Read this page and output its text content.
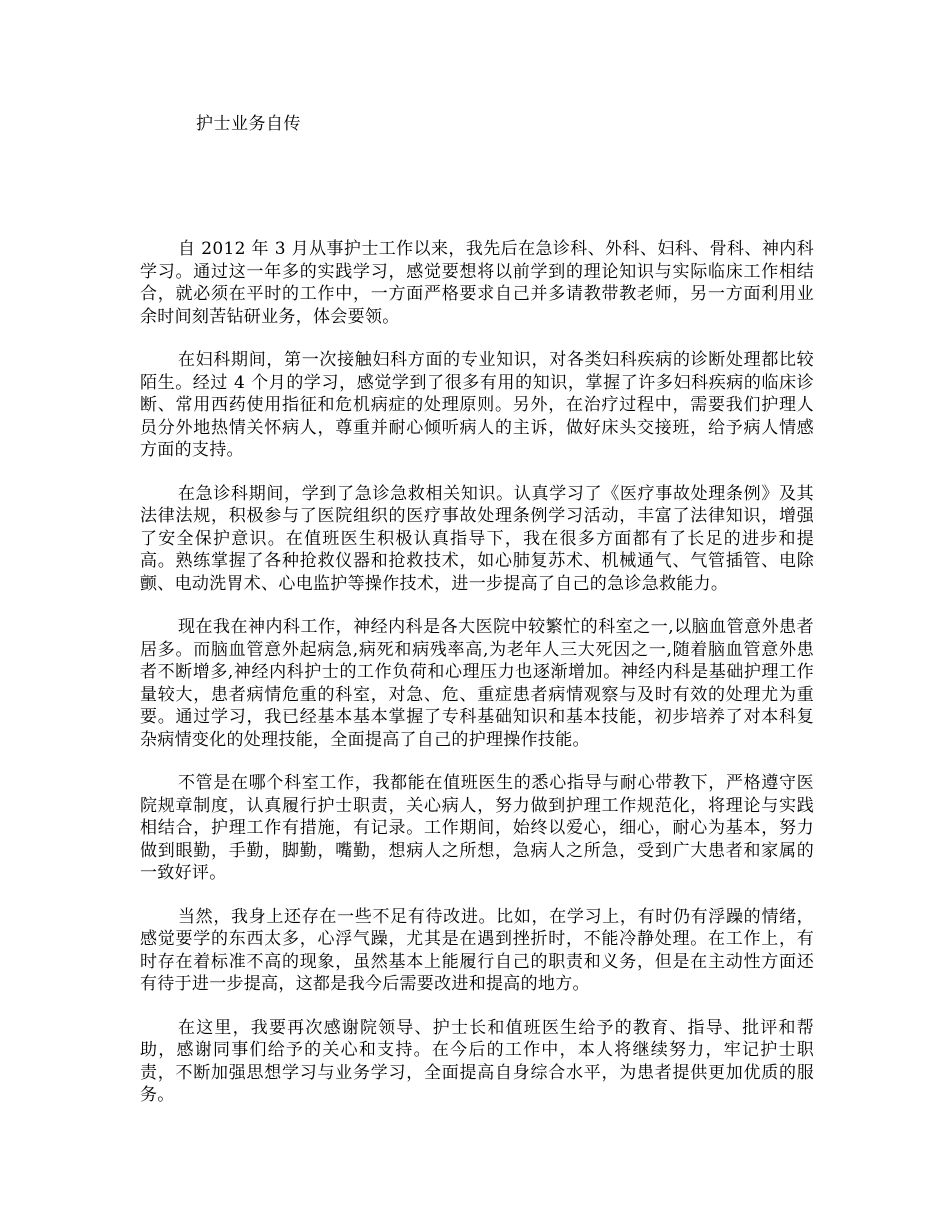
护士业务自传

自 2012 年 3 月从事护士工作以来，我先后在急诊科、外科、妇科、骨科、神内科学习。通过这一年多的实践学习，感觉要想将以前学到的理论知识与实际临床工作相结合，就必须在平时的工作中，一方面严格要求自己并多请教带教老师，另一方面利用业余时间刻苦钻研业务，体会要领。

在妇科期间，第一次接触妇科方面的专业知识，对各类妇科疾病的诊断处理都比较陌生。经过 4 个月的学习，感觉学到了很多有用的知识，掌握了许多妇科疾病的临床诊断、常用西药使用指征和危机病症的处理原则。另外，在治疗过程中，需要我们护理人员分外地热情关怀病人，尊重并耐心倾听病人的主诉，做好床头交接班，给予病人情感方面的支持。

在急诊科期间，学到了急诊急救相关知识。认真学习了《医疗事故处理条例》及其法律法规，积极参与了医院组织的医疗事故处理条例学习活动，丰富了法律知识，增强了安全保护意识。在值班医生积极认真指导下，我在很多方面都有了长足的进步和提高。熟练掌握了各种抢救仪器和抢救技术，如心肺复苏术、机械通气、气管插管、电除颤、电动洗胃术、心电监护等操作技术，进一步提高了自己的急诊急救能力。

现在我在神内科工作，神经内科是各大医院中较繁忙的科室之一,以脑血管意外患者居多。而脑血管意外起病急,病死和病残率高,为老年人三大死因之一,随着脑血管意外患者不断增多,神经内科护士的工作负荷和心理压力也逐渐增加。神经内科是基础护理工作量较大，患者病情危重的科室，对急、危、重症患者病情观察与及时有效的处理尤为重要。通过学习，我已经基本基本掌握了专科基础知识和基本技能，初步培养了对本科复杂病情变化的处理技能，全面提高了自己的护理操作技能。

不管是在哪个科室工作，我都能在值班医生的悉心指导与耐心带教下，严格遵守医院规章制度，认真履行护士职责，关心病人，努力做到护理工作规范化，将理论与实践相结合，护理工作有措施，有记录。工作期间，始终以爱心，细心，耐心为基本，努力做到眼勤，手勤，脚勤，嘴勤，想病人之所想，急病人之所急，受到广大患者和家属的一致好评。

当然，我身上还存在一些不足有待改进。比如，在学习上，有时仍有浮躁的情绪，感觉要学的东西太多，心浮气躁，尤其是在遇到挫折时，不能冷静处理。在工作上，有时存在着标准不高的现象，虽然基本上能履行自己的职责和义务，但是在主动性方面还有待于进一步提高，这都是我今后需要改进和提高的地方。

在这里，我要再次感谢院领导、护士长和值班医生给予的教育、指导、批评和帮助，感谢同事们给予的关心和支持。在今后的工作中，本人将继续努力，牢记护士职责，不断加强思想学习与业务学习，全面提高自身综合水平，为患者提供更加优质的服务。
